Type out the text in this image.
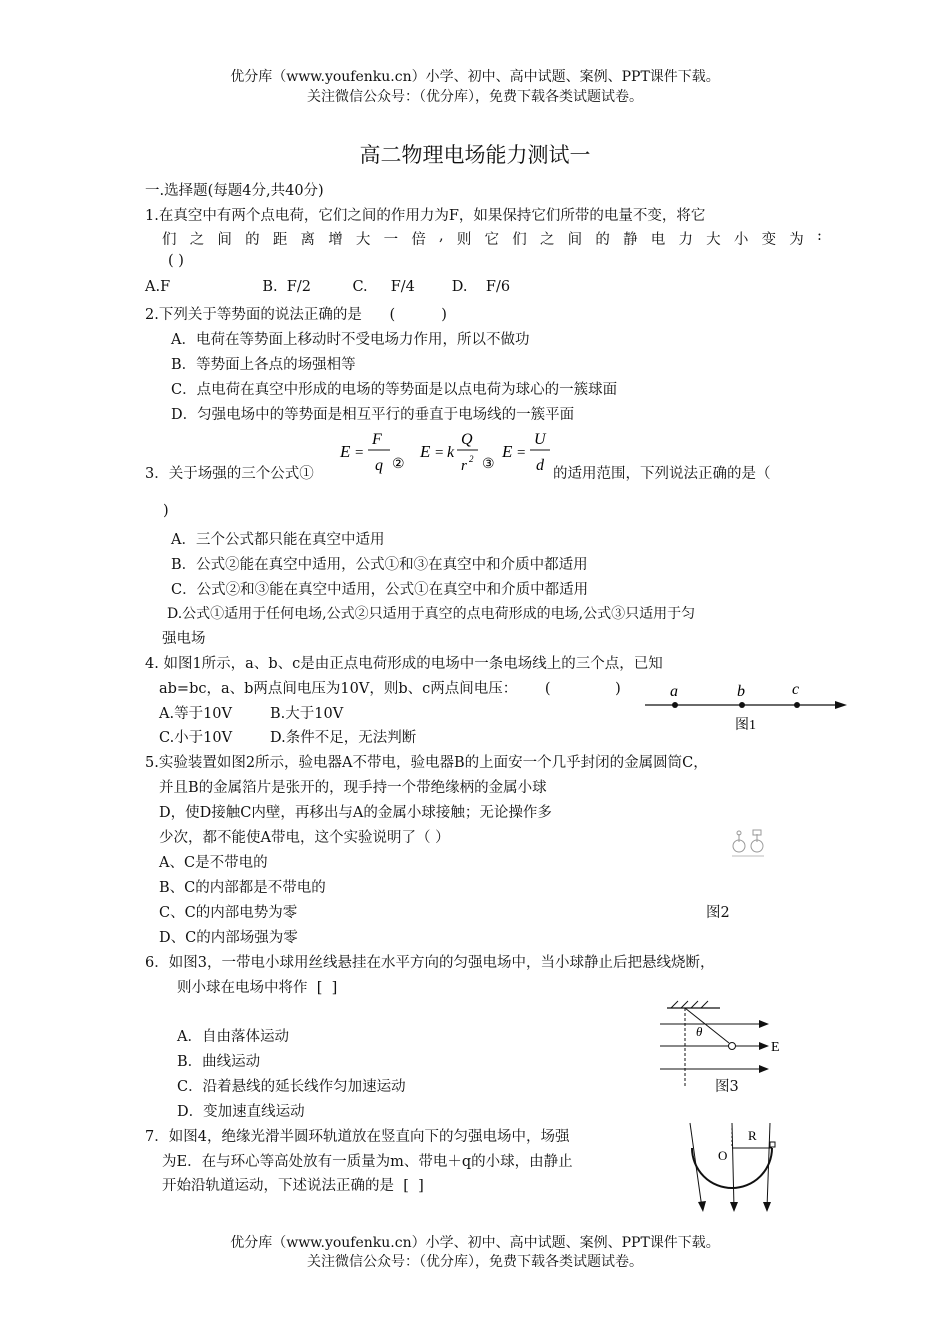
优分库（www.youfenku.cn）小学、初中、高中试题、案例、PPT课件下载。
关注微信公众号：（优分库），免费下载各类试题试卷。
高二物理电场能力测试一
一.选择题(每题4分,共40分)
1.在真空中有两个点电荷，它们之间的作用力为F，如果保持它们所带的电量不变，将它
们 之 间 的 距 离 增 大 一 倍 , 则 它 们 之 间 的 静 电 力 大 小 变 为 :
( )
A.F                    B.  F/2         C.     F/4        D.    F/6
2.下列关于等势面的说法正确的是      (          )
A．电荷在等势面上移动时不受电场力作用，所以不做功
B．等势面上各点的场强相等
C．点电荷在真空中形成的电场的等势面是以点电荷为球心的一簇球面
D．匀强电场中的等势面是相互平行的垂直于电场线的一簇平面
3．关于场强的三个公式①
E =
F
q ②
E = k
Q
r 2 ③
E =
U
d 的适用范围，下列说法正确的是（
)
A．三个公式都只能在真空中适用
B．公式②能在真空中适用，公式①和③在真空中和介质中都适用
C．公式②和③能在真空中适用，公式①在真空中和介质中都适用
D.公式①适用于任何电场,公式②只适用于真空的点电荷形成的电场,公式③只适用于匀
强电场
4. 如图1所示，a、b、c是由正点电荷形成的电场中一条电场线上的三个点，已知
ab=bc，a、b两点间电压为10V，则b、c两点间电压：      (              )
A.等于10V	B.大于10V
C.小于10V	D.条件不足，无法判断
a	b	c
图1
5.实验装置如图2所示，验电器A不带电，验电器B的上面安一个几乎封闭的金属圆筒C，
并且B的金属箔片是张开的，现手持一个带绝缘柄的金属小球
D，使D接触C内壁，再移出与A的金属小球接触；无论操作多
少次，都不能使A带电，这个实验说明了（ ）
A、C是不带电的
B、C的内部都是不带电的
C、C的内部电势为零
D、C的内部场强为零
图2
6．如图3，一带电小球用丝线悬挂在水平方向的匀强电场中，当小球静止后把悬线烧断，
则小球在电场中将作  [  ]
A．自由落体运动
B．曲线运动
C．沿着悬线的延长线作匀加速运动
D．变加速直线运动
θ
E
图3
7．如图4，绝缘光滑半圆环轨道放在竖直向下的匀强电场中，场强
为E．在与环心等高处放有一质量为m、带电＋q的小球，由静止
开始沿轨道运动，下述说法正确的是  [  ]
R
O
优分库（www.youfenku.cn）小学、初中、高中试题、案例、PPT课件下载。
关注微信公众号：（优分库），免费下载各类试题试卷。
